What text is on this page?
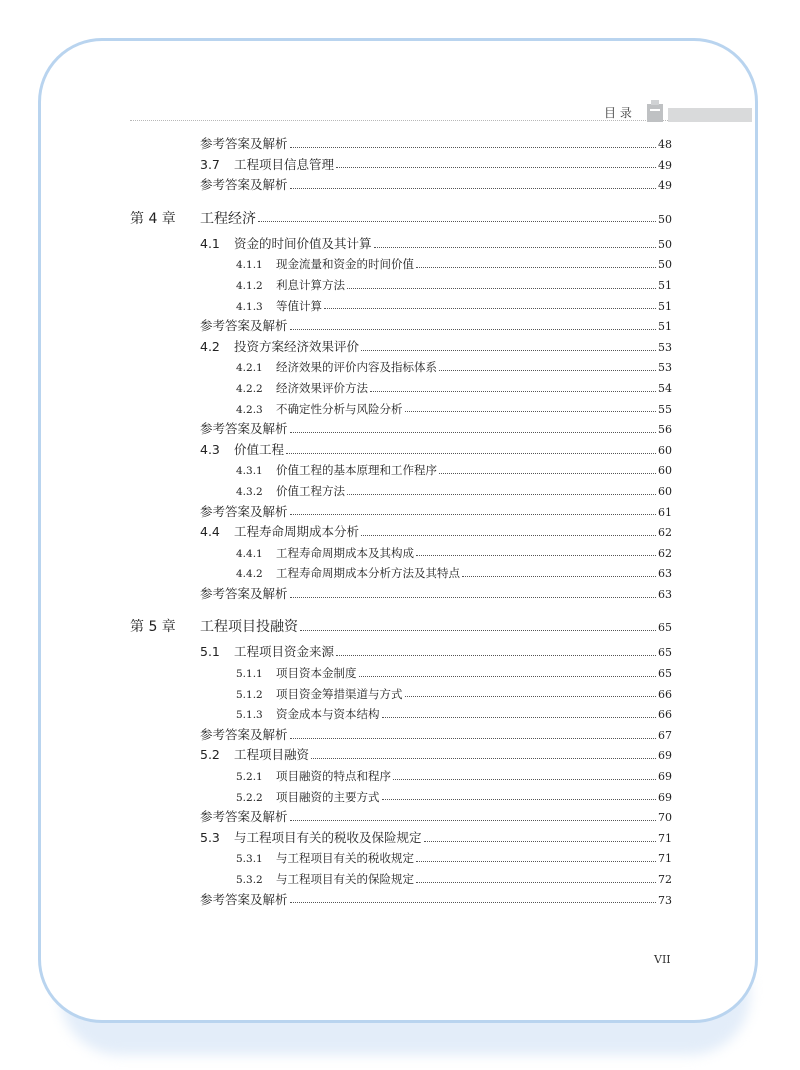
目 录
参考答案及解析	48
3.7	工程项目信息管理	49
参考答案及解析	49
第 4 章	工程经济	50
4.1	资金的时间价值及其计算	50
4.1.1	现金流量和资金的时间价值	50
4.1.2	利息计算方法	51
4.1.3	等值计算	51
参考答案及解析	51
4.2	投资方案经济效果评价	53
4.2.1	经济效果的评价内容及指标体系	53
4.2.2	经济效果评价方法	54
4.2.3	不确定性分析与风险分析	55
参考答案及解析	56
4.3	价值工程	60
4.3.1	价值工程的基本原理和工作程序	60
4.3.2	价值工程方法	60
参考答案及解析	61
4.4	工程寿命周期成本分析	62
4.4.1	工程寿命周期成本及其构成	62
4.4.2	工程寿命周期成本分析方法及其特点	63
参考答案及解析	63
第 5 章	工程项目投融资	65
5.1	工程项目资金来源	65
5.1.1	项目资本金制度	65
5.1.2	项目资金筹措渠道与方式	66
5.1.3	资金成本与资本结构	66
参考答案及解析	67
5.2	工程项目融资	69
5.2.1	项目融资的特点和程序	69
5.2.2	项目融资的主要方式	69
参考答案及解析	70
5.3	与工程项目有关的税收及保险规定	71
5.3.1	与工程项目有关的税收规定	71
5.3.2	与工程项目有关的保险规定	72
参考答案及解析	73
VII
